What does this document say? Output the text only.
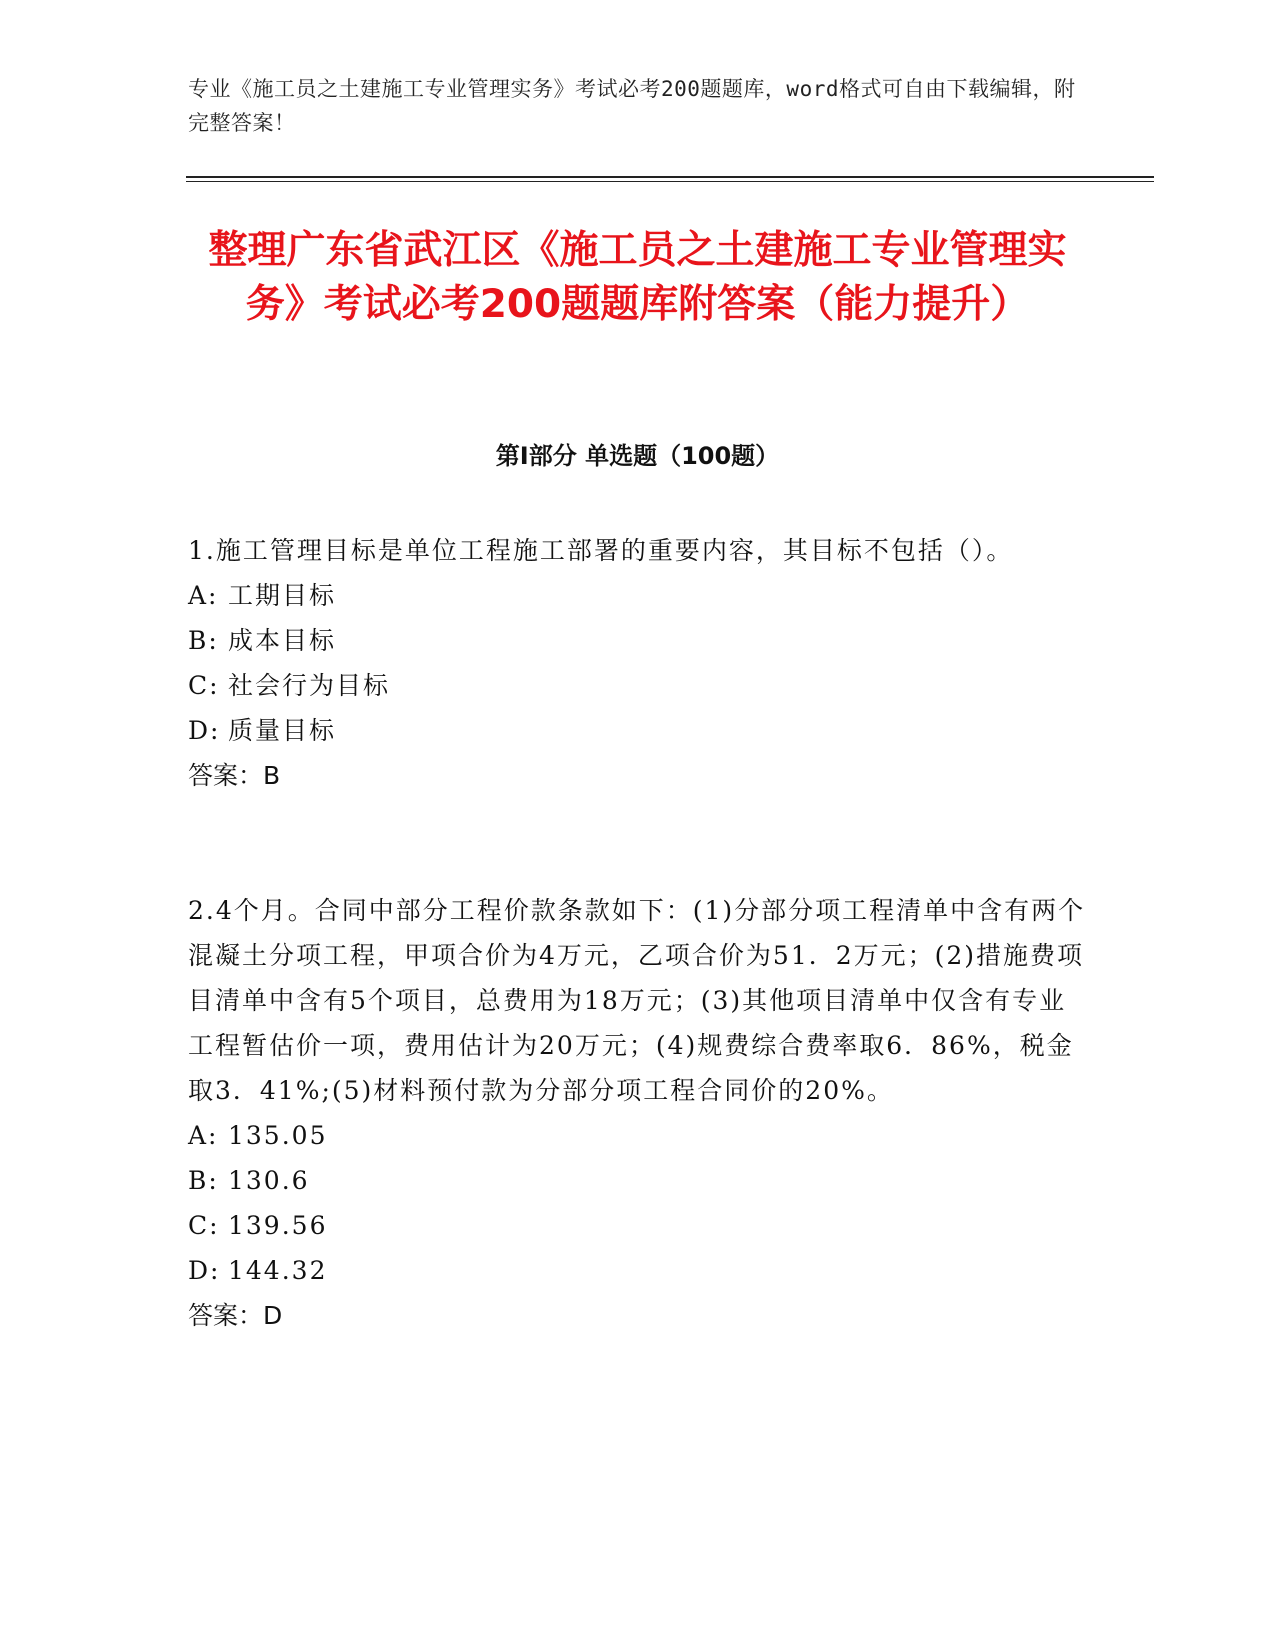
专业《施工员之土建施工专业管理实务》考试必考200题题库，word格式可自由下载编辑，附完整答案！
整理广东省武江区《施工员之土建施工专业管理实务》考试必考200题题库附答案（能力提升）
第Ⅰ部分 单选题（100题）

1.施工管理目标是单位工程施工部署的重要内容，其目标不包括（）。

A: 工期目标
B: 成本目标
C: 社会行为目标
D: 质量目标

答案：B

2.4个月。合同中部分工程价款条款如下：(1)分部分项工程清单中含有两个混凝土分项工程，甲项合价为4万元，乙项合价为51．2万元；(2)措施费项目清单中含有5个项目，总费用为18万元；(3)其他项目清单中仅含有专业工程暂估价一项，费用估计为20万元；(4)规费综合费率取6．86%，税金取3．41%;(5)材料预付款为分部分项工程合同价的20%。

A: 135.05
B: 130.6
C: 139.56
D: 144.32

答案：D
